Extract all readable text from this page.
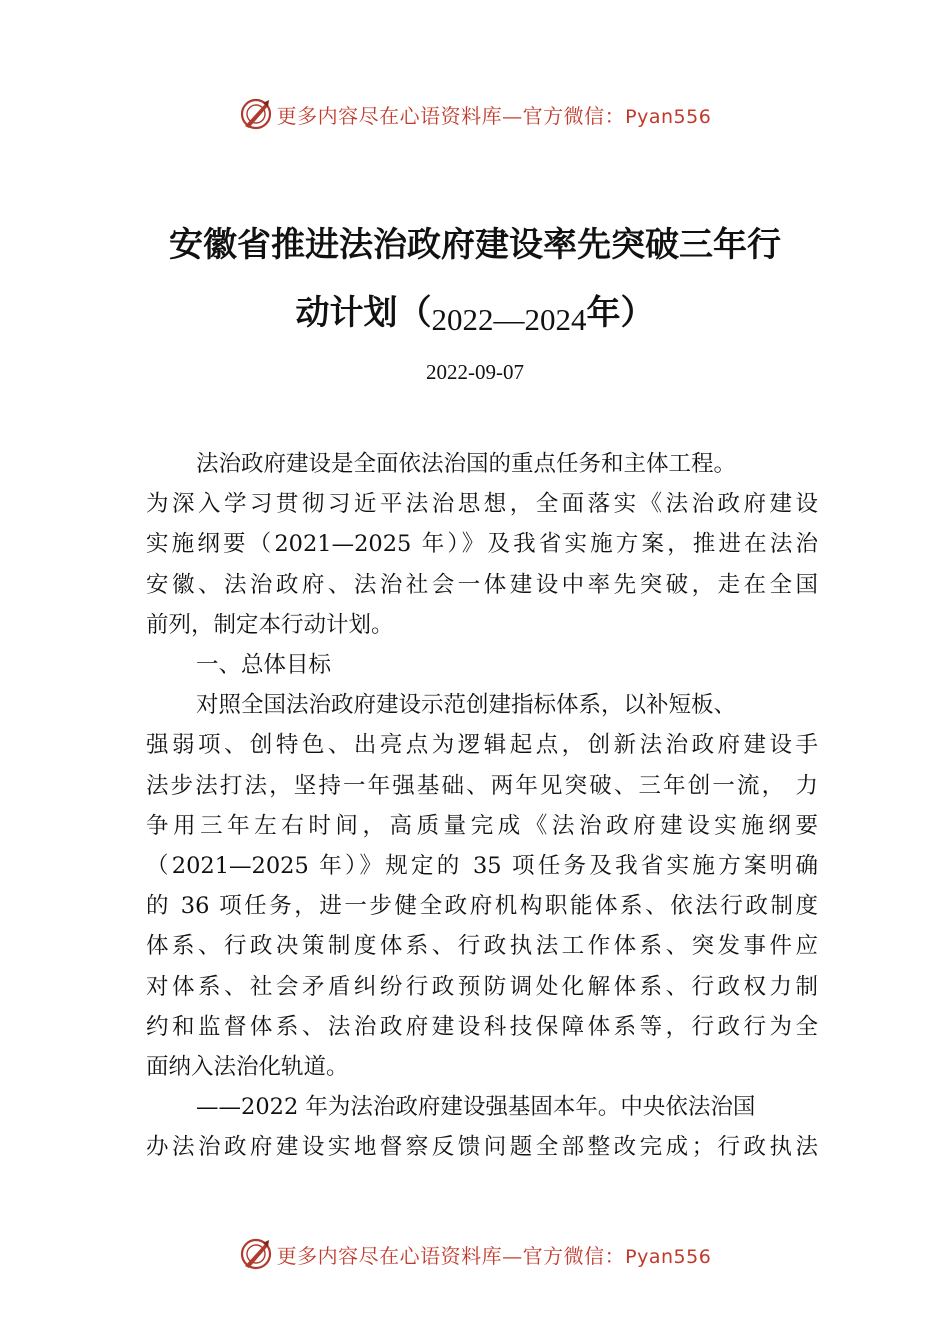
更多内容尽在心语资料库—官方微信：Pyan556
安徽省推进法治政府建设率先突破三年行
动计划（2022—2024年）
2022-09-07

法治政府建设是全面依法治国的重点任务和主体工程。

为深入学习贯彻习近平法治思想，全面落实《法治政府建设

实施纲要（2021—2025 年）》及我省实施方案，推进在法治

安徽、法治政府、法治社会一体建设中率先突破，走在全国

前列，制定本行动计划。

一、总体目标

对照全国法治政府建设示范创建指标体系，以补短板、

强弱项、创特色、出亮点为逻辑起点，创新法治政府建设手

法步法打法，坚持一年强基础、两年见突破、三年创一流， 力

争用三年左右时间，高质量完成《法治政府建设实施纲要

（2021—2025 年）》规定的 35 项任务及我省实施方案明确

的 36 项任务，进一步健全政府机构职能体系、依法行政制度

体系、行政决策制度体系、行政执法工作体系、突发事件应

对体系、社会矛盾纠纷行政预防调处化解体系、行政权力制

约和监督体系、法治政府建设科技保障体系等，行政行为全

面纳入法治化轨道。

——2022 年为法治政府建设强基固本年。中央依法治国

办法治政府建设实地督察反馈问题全部整改完成；行政执法

更多内容尽在心语资料库—官方微信：Pyan556
